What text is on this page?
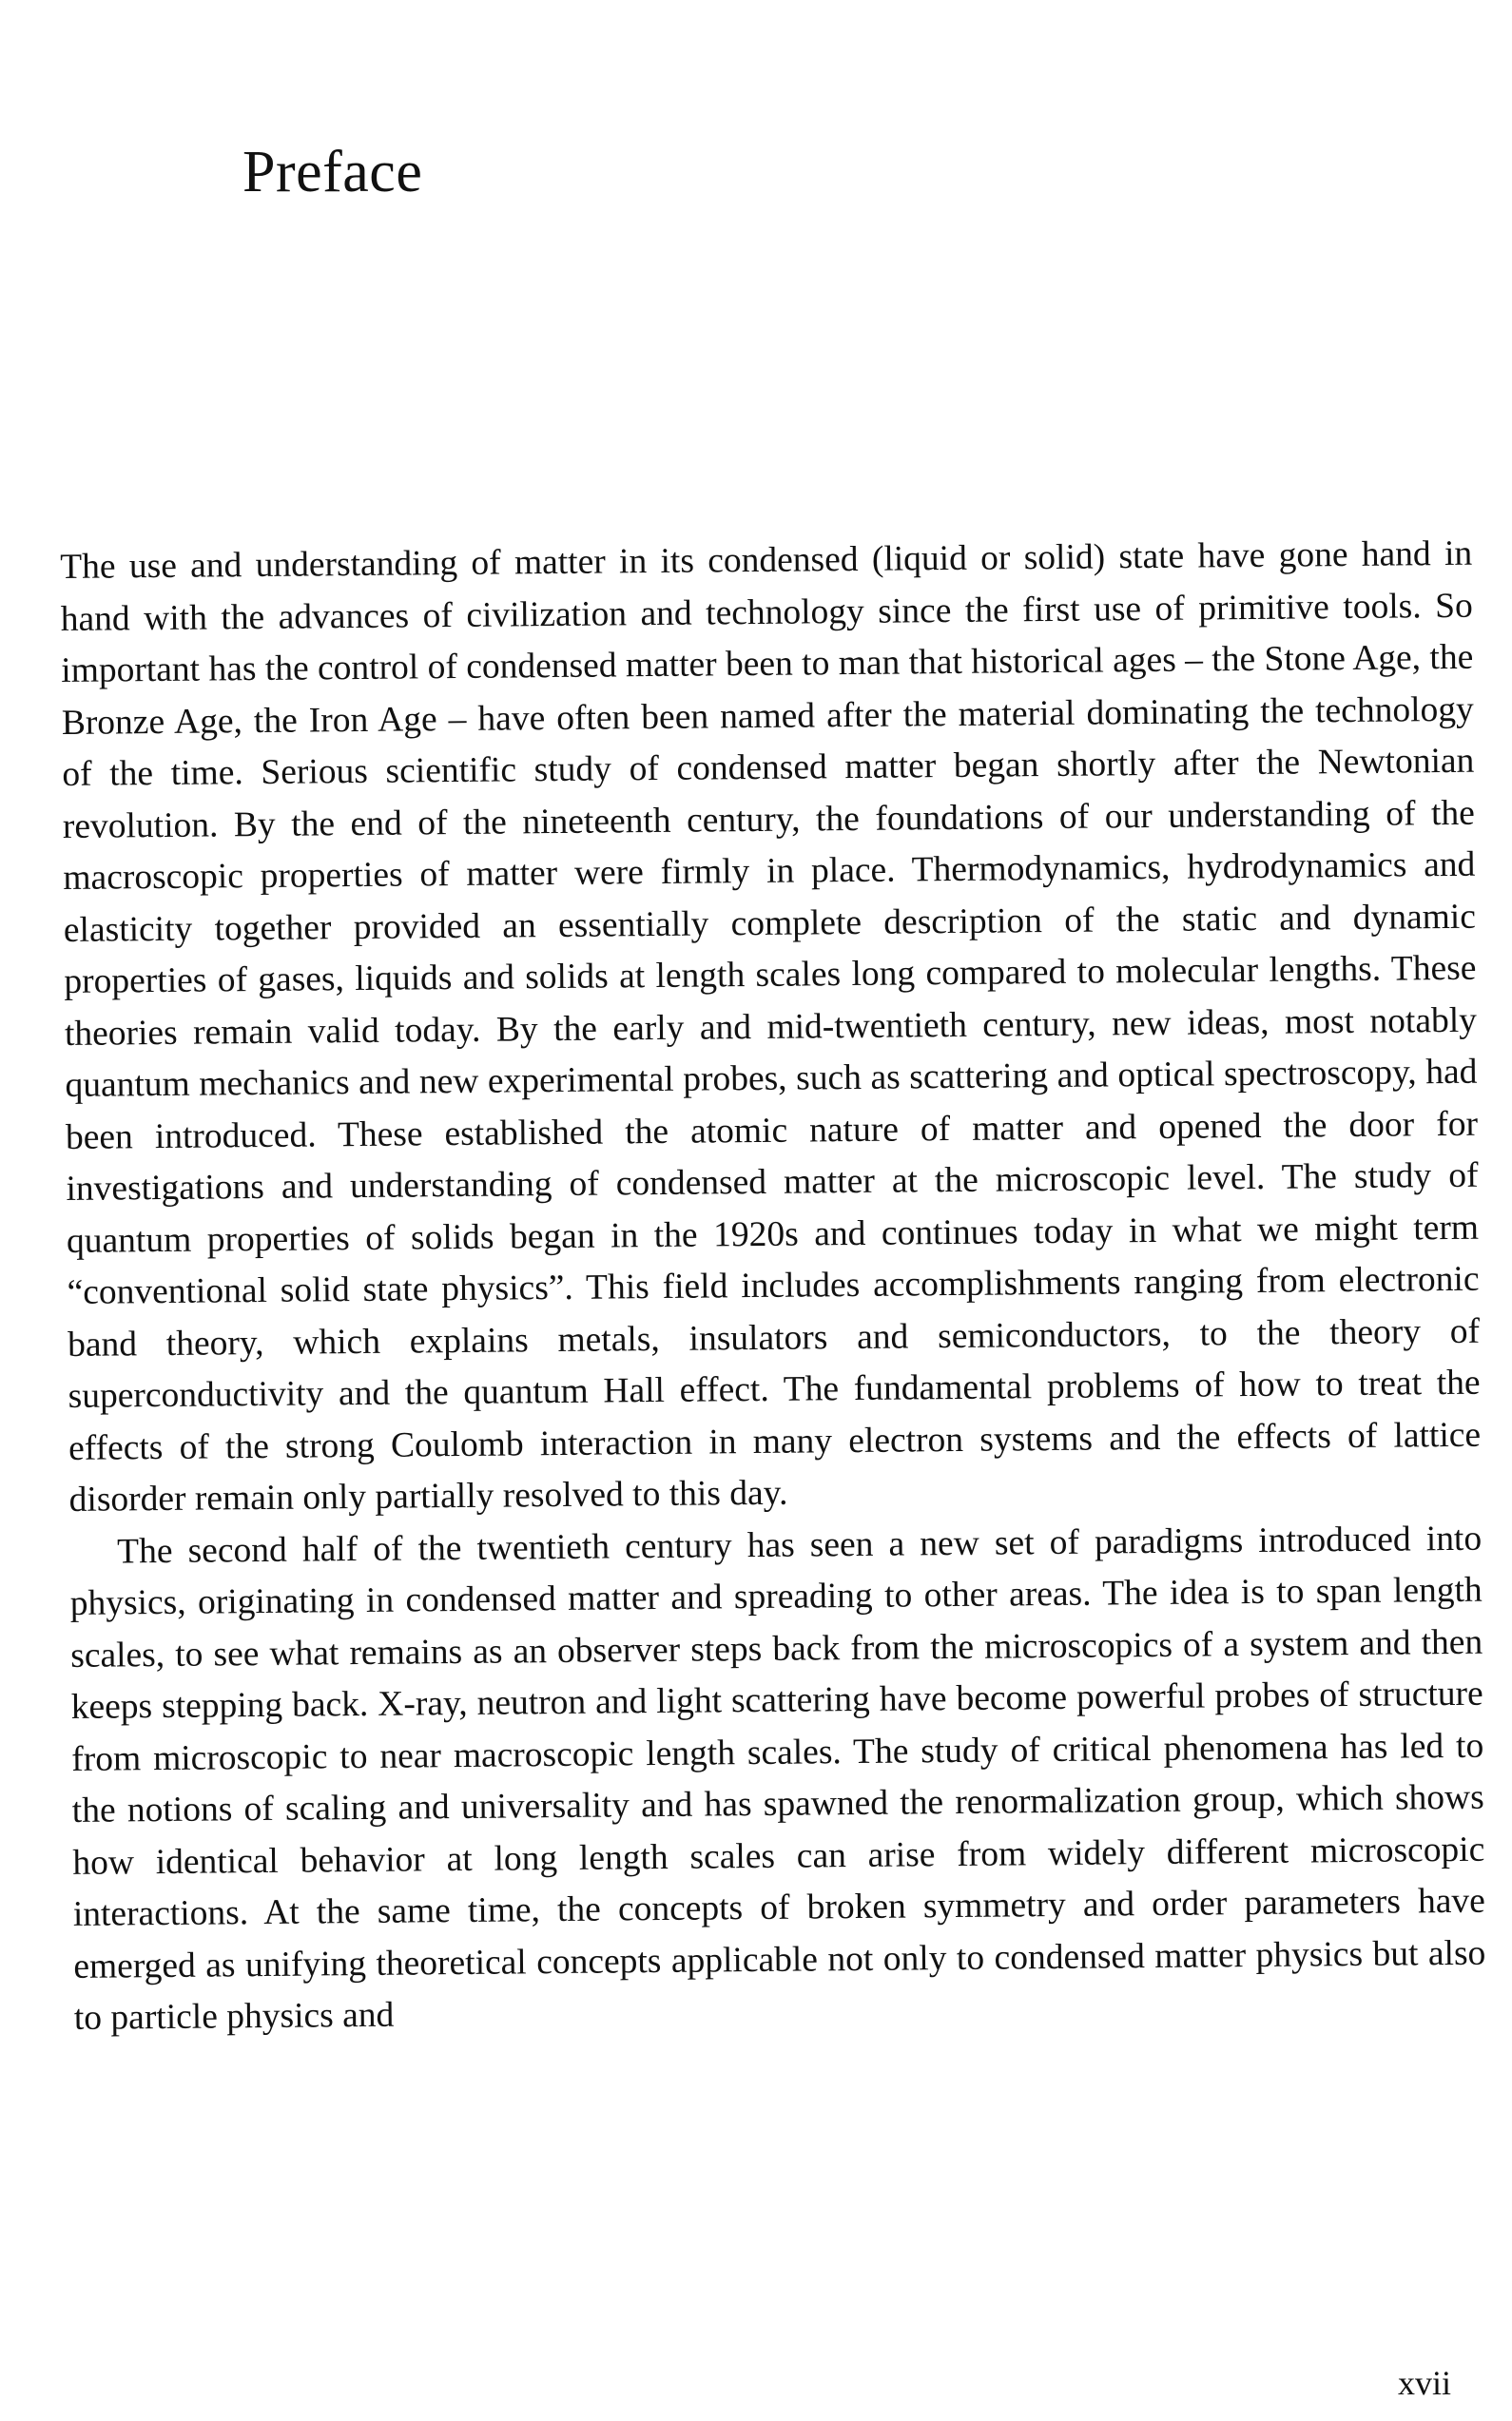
Preface

The use and understanding of matter in its condensed (liquid or solid) state have gone hand in hand with the advances of civilization and technology since the first use of primitive tools. So important has the control of condensed matter been to man that historical ages – the Stone Age, the Bronze Age, the Iron Age – have often been named after the material dominating the technology of the time. Serious scientific study of condensed matter began shortly after the Newtonian revolution. By the end of the nineteenth century, the foundations of our understanding of the macroscopic properties of matter were firmly in place. Thermodynamics, hydrodynamics and elasticity together provided an essentially complete description of the static and dynamic properties of gases, liquids and solids at length scales long compared to molecular lengths. These theories remain valid today. By the early and mid-twentieth century, new ideas, most notably quantum mechanics and new experimental probes, such as scattering and optical spectroscopy, had been introduced. These established the atomic nature of matter and opened the door for investigations and understanding of condensed matter at the microscopic level. The study of quantum properties of solids began in the 1920s and continues today in what we might term “conventional solid state physics”. This field includes accomplishments ranging from electronic band theory, which explains metals, insulators and semiconductors, to the theory of superconductivity and the quantum Hall effect. The fundamental problems of how to treat the effects of the strong Coulomb interaction in many electron systems and the effects of lattice disorder remain only partially resolved to this day.

The second half of the twentieth century has seen a new set of paradigms introduced into physics, originating in condensed matter and spreading to other areas. The idea is to span length scales, to see what remains as an observer steps back from the microscopics of a system and then keeps stepping back. X-ray, neutron and light scattering have become powerful probes of structure from microscopic to near macroscopic length scales. The study of critical phenomena has led to the notions of scaling and universality and has spawned the renormalization group, which shows how identical behavior at long length scales can arise from widely different microscopic interactions. At the same time, the concepts of broken symmetry and order parameters have emerged as unifying theoretical concepts applicable not only to condensed matter physics but also to particle physics and

xvii
